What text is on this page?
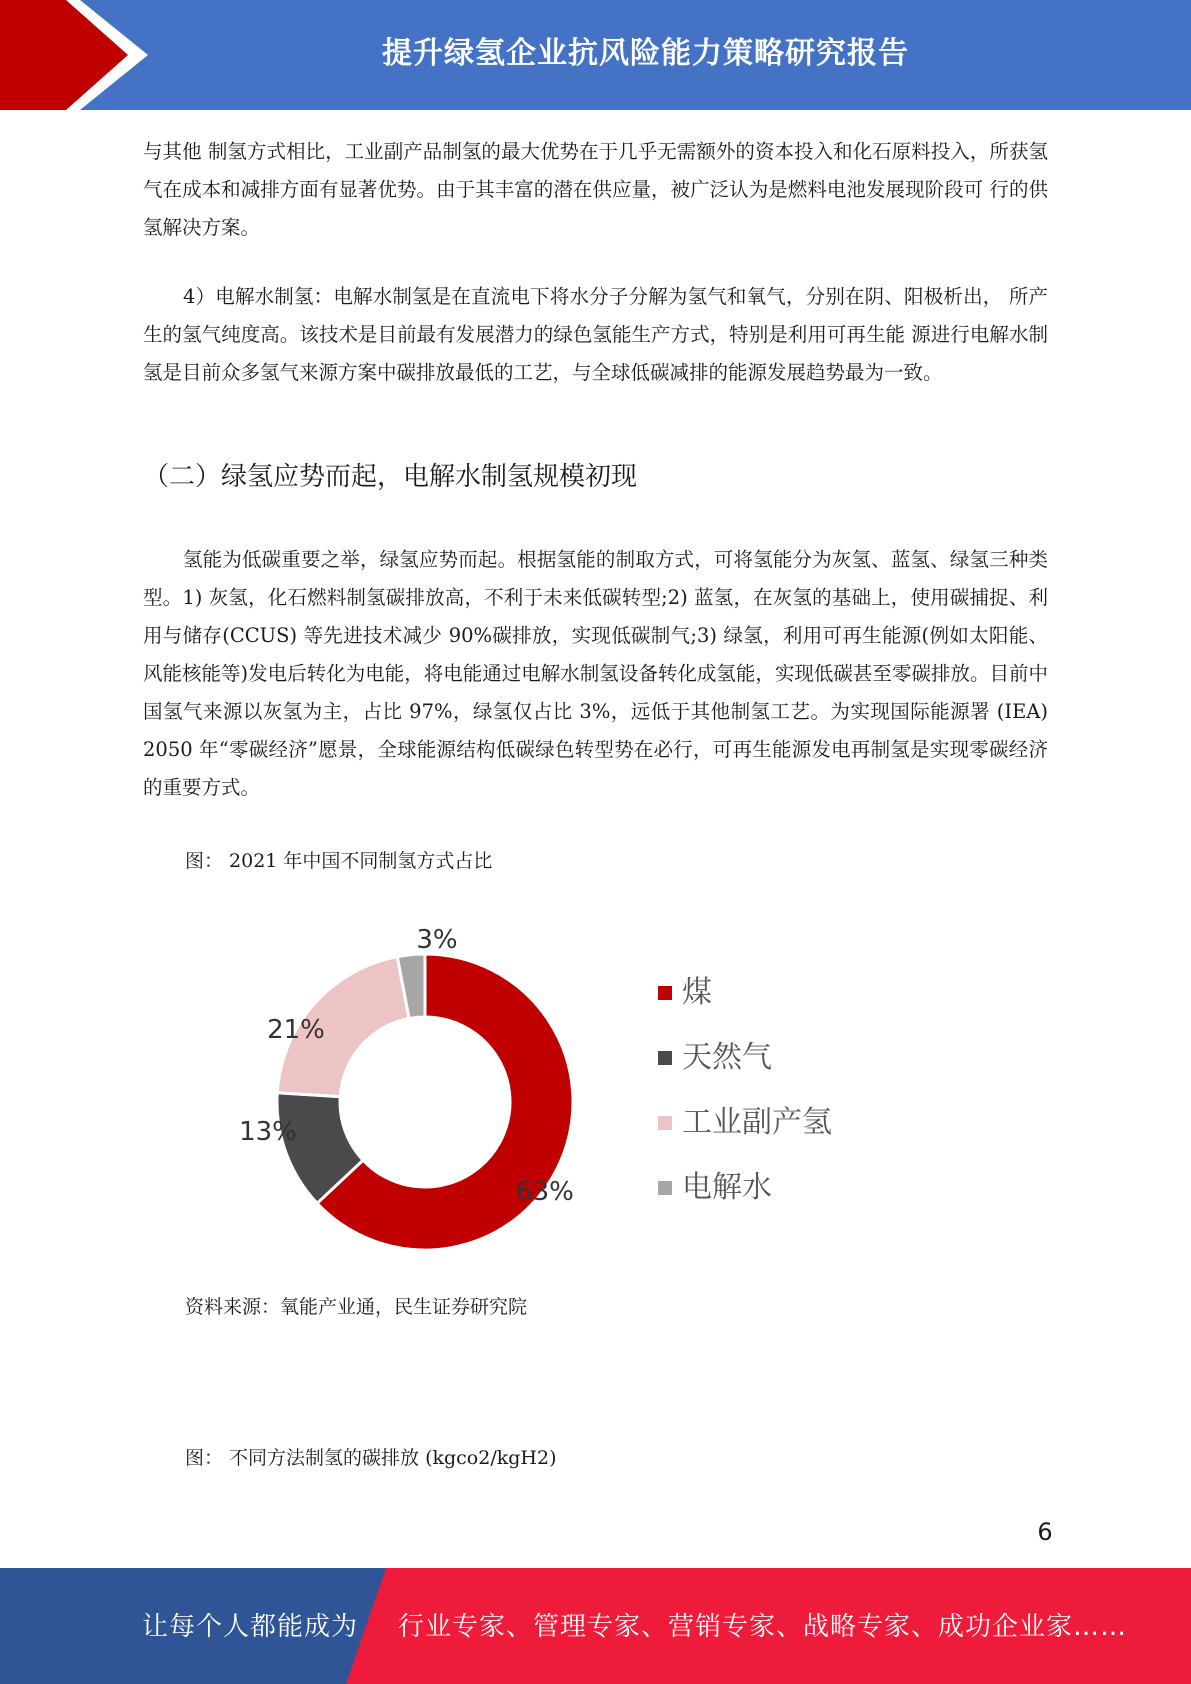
提升绿氢企业抗风险能力策略研究报告

与其他 制氢方式相比，工业副产品制氢的最大优势在于几乎无需额外的资本投入和化石原料投入，所获氢 气在成本和减排方面有显著优势。由于其丰富的潜在供应量，被广泛认为是燃料电池发展现阶段可 行的供氢解决方案。

4）电解水制氢：电解水制氢是在直流电下将水分子分解为氢气和氧气，分别在阴、阳极析出， 所产生的氢气纯度高。该技术是目前最有发展潜力的绿色氢能生产方式，特别是利用可再生能 源进行电解水制氢是目前众多氢气来源方案中碳排放最低的工艺，与全球低碳减排的能源发展趋势最为一致。

（二）绿氢应势而起，电解水制氢规模初现

氢能为低碳重要之举，绿氢应势而起。根据氢能的制取方式，可将氢能分为灰氢、蓝氢、绿氢三种类型。1) 灰氢，化石燃料制氢碳排放高，不利于未来低碳转型;2) 蓝氢，在灰氢的基础上，使用碳捕捉、利用与储存(CCUS) 等先进技术减少 90%碳排放，实现低碳制气;3) 绿氢，利用可再生能源(例如太阳能、风能核能等)发电后转化为电能，将电能通过电解水制氢设备转化成氢能，实现低碳甚至零碳排放。目前中国氢气来源以灰氢为主，占比 97%，绿氢仅占比 3%，远低于其他制氢工艺。为实现国际能源署 (IEA) 2050 年“零碳经济”愿景，全球能源结构低碳绿色转型势在必行，可再生能源发电再制氢是实现零碳经济的重要方式。

图： 2021 年中国不同制氢方式占比
63%
13%
21%
3%
煤
天然气
工业副产氢
电解水
资料来源：氧能产业通，民生证券研究院
图： 不同方法制氢的碳排放 (kgco2/kgH2)
6
让每个人都能成为 行业专家、管理专家、营销专家、战略专家、成功企业家……
